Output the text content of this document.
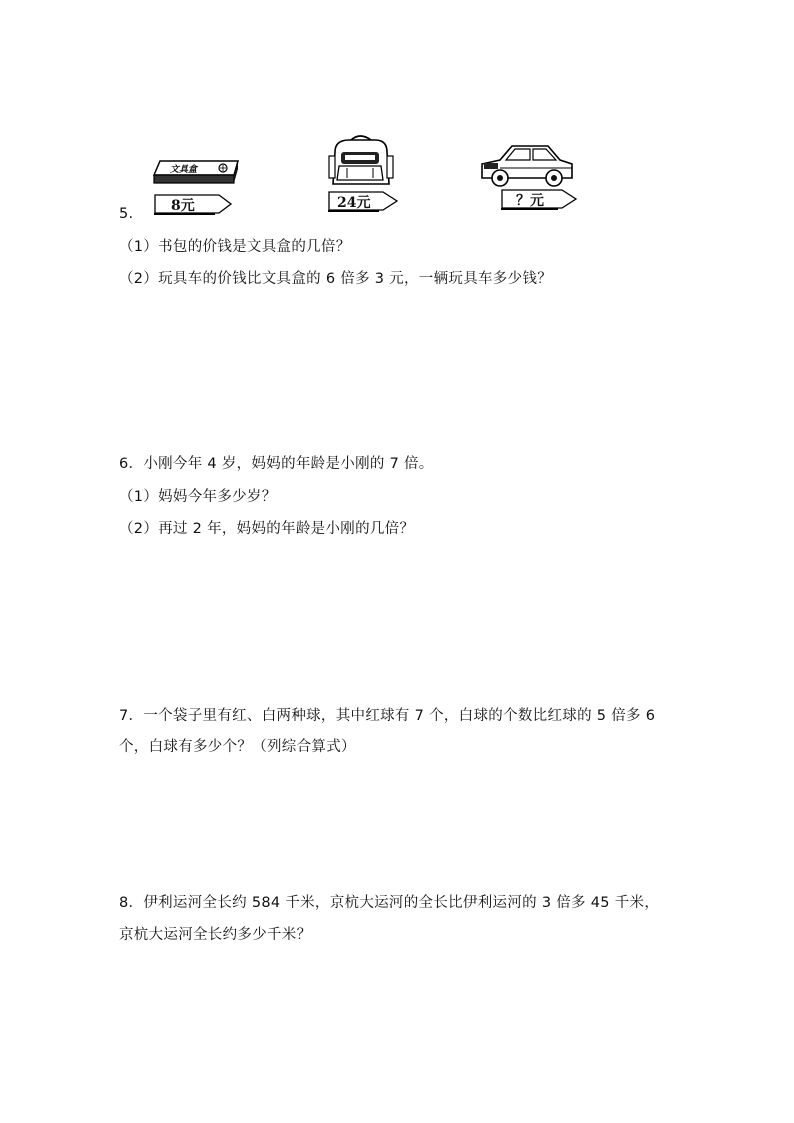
文具盒
8元	24元	？元
5.
（1）书包的价钱是文具盒的几倍？
（2）玩具车的价钱比文具盒的 6 倍多 3 元，一辆玩具车多少钱？
6．小刚今年 4 岁，妈妈的年龄是小刚的 7 倍。
（1）妈妈今年多少岁？
（2）再过 2 年，妈妈的年龄是小刚的几倍？
7．一个袋子里有红、白两种球，其中红球有 7 个，白球的个数比红球的 5 倍多 6
个，白球有多少个？（列综合算式）
8．伊利运河全长约 584 千米，京杭大运河的全长比伊利运河的 3 倍多 45 千米，
京杭大运河全长约多少千米？
